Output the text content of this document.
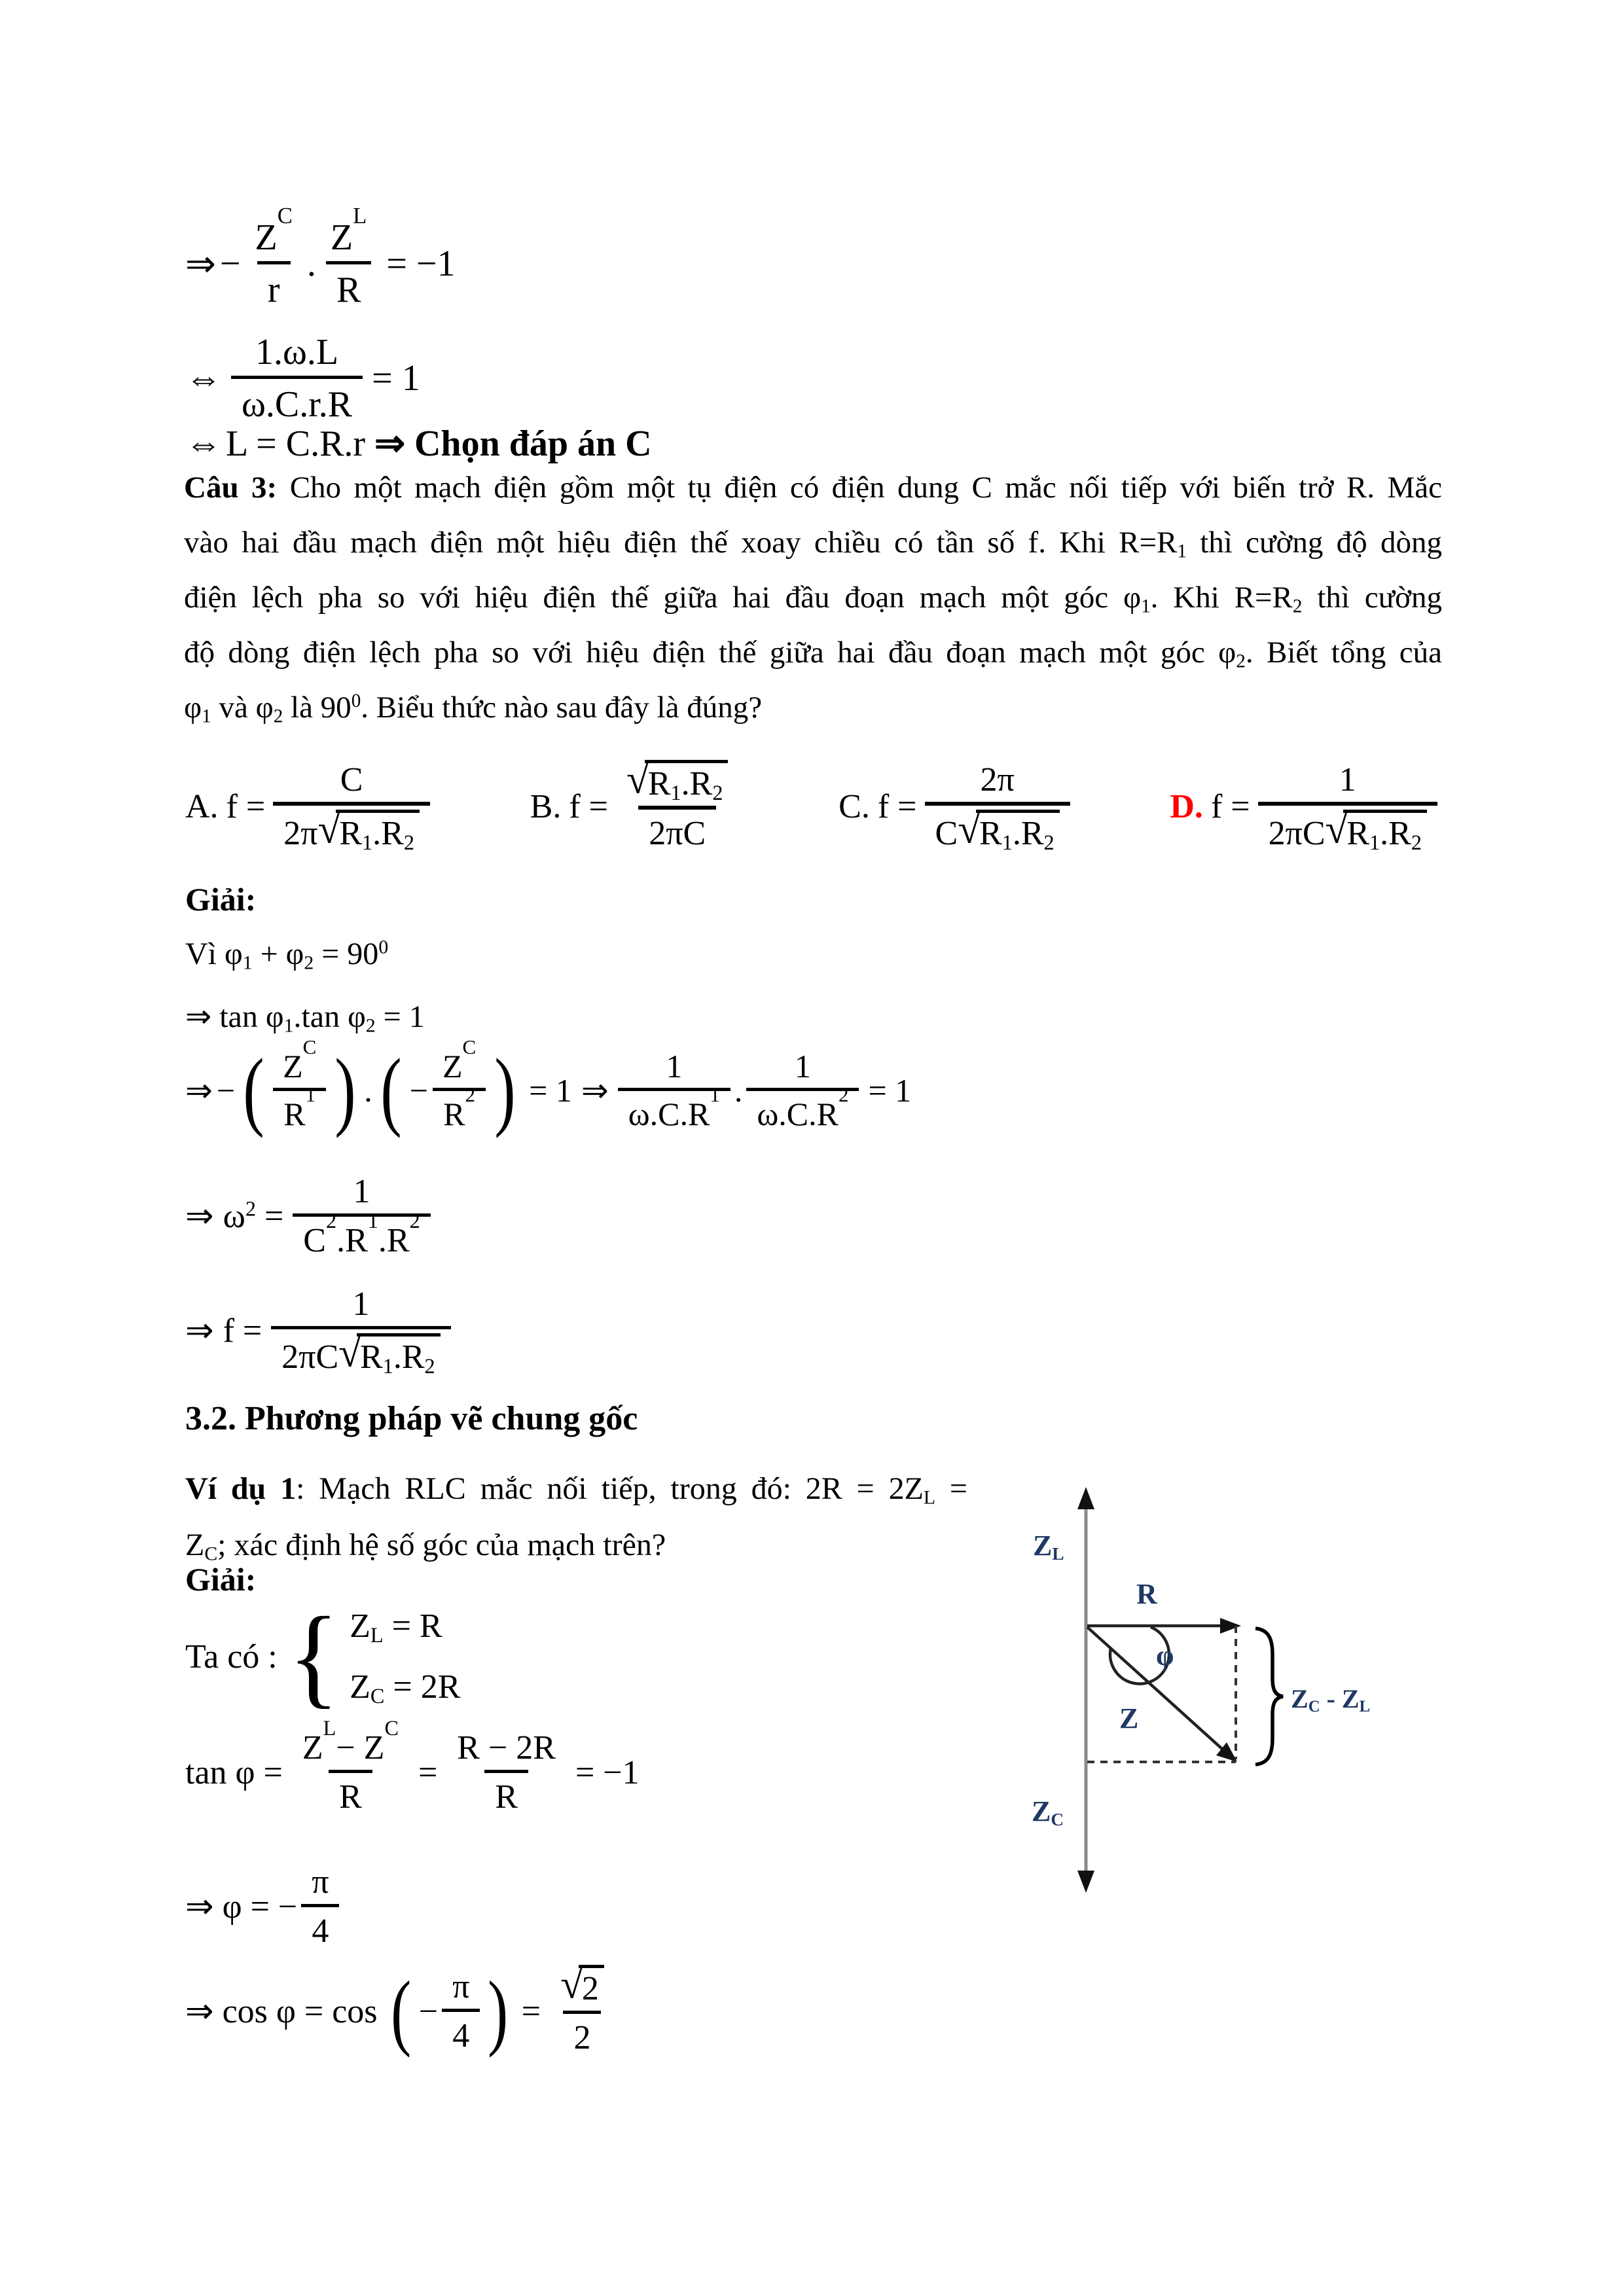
⇒ − Z
C
r . Z
L
R = −1
⇔ $\frac{1.\omega.L}{\omega.C.r.R} = 1$
⇔ L = C.R.r ⇒ Chọn đáp án C
Câu 3: Cho một mạch điện gồm một tụ điện có điện dung C mắc nối tiếp với biến trở R. Mắc
vào hai đầu mạch điện một hiệu điện thế xoay chiều có tần số f. Khi $R=R_1$ thì cường độ dòng
điện lệch pha so với hiệu điện thế giữa hai đầu đoạn mạch một góc $\varphi_1$. Khi $R=R_2$ thì cường
độ dòng điện lệch pha so với hiệu điện thế giữa hai đầu đoạn mạch một góc $\varphi_2$. Biết tổng của
$\varphi_1$ và $\varphi_2$ là $90^0$. Biểu thức nào sau đây là đúng?
A. f = C
2π √
$R_1.R_2$	B. f = √
$R_1.R_2$
2πC	C. f = 2π
C √
$R_1.R_2$	D. f = 1
2πC √
$R_1.R_2$
Giải:
Vì $\varphi_1 + \varphi_2 = 90^0$
⇒ $\tan \varphi_1.\tan$ $\varphi_2 = 1$
⇒ − ( Z
C
R
1 ) . ( − Z
C
R
2 ) = 1 ⇒ 1
ω.C.R
1 . 1
ω.C.R
2 = 1
⇒ $\omega^2 = 1$
C
2
.R
1
.R
2
⇒ f = 1
2πC √
$R_1.R_2$
3.2. Phương pháp vẽ chung gốc
Ví dụ 1: Mạch RLC mắc nối tiếp, trong đó: $2R = 2Z_L$ =
$Z_C$; xác định hệ số góc của mạch trên?
Giải:
Ta có : { $Z_L = R$
$Z_C = 2R$
tan φ = Z
L
− Z
C
$R = \frac{R - 2R}{R} = -1$
⇒ φ = − $\frac{\pi}{4}$
⇒ cos φ = cos ( − $\frac{\pi}{4}$ ) = √
2
2
$Z_L$
R
φ
Z
$Z_C$
$Z_C - Z_L$
